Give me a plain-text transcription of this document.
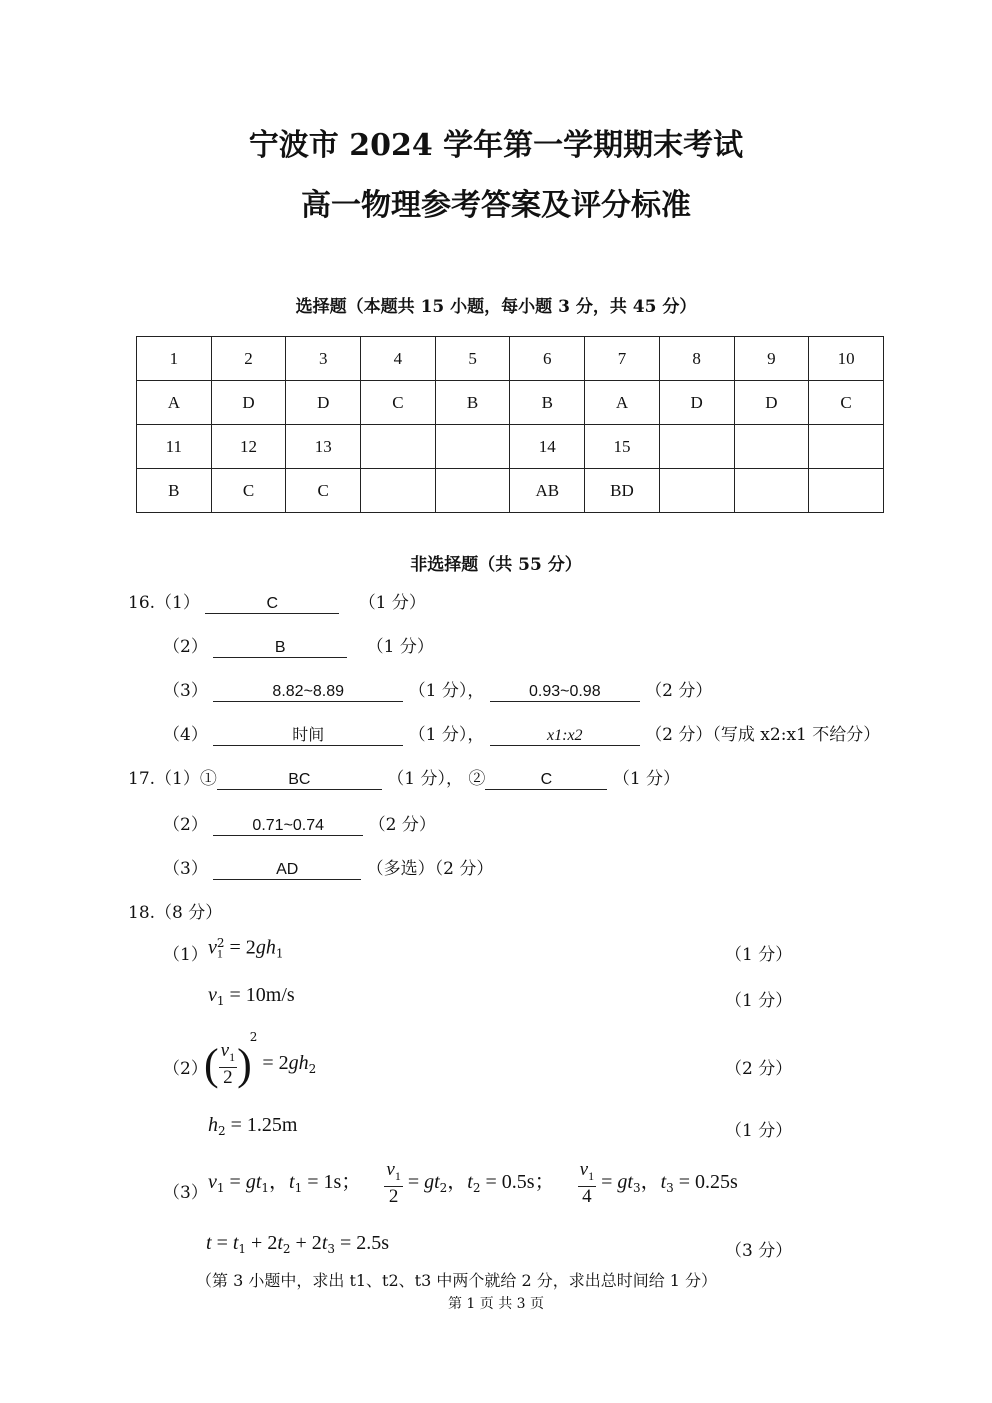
宁波市 2024 学年第一学期期末考试
高一物理参考答案及评分标准
选择题（本题共 15 小题，每小题 3 分，共 45 分）
1	2	3	4	5	6	7	8	9	10
A	D	D	C	B	B	A	D	D	C
11	12	13			14	15			
B	C	C			AB	BD			
非选择题（共 55 分）
16.（1）	C	（1 分）
（2）	B	（1 分）
（3）	8.82~8.89	（1 分），	0.93~0.98	（2 分）
（4）	时间	（1 分），	x1:x2	（2 分）（写成 x2:x1 不给分）
17.（1）①	BC	（1 分）， ②	C	（1 分）
（2）	0.71~0.74	（2 分）
（3）	AD	（多选）（2 分）
18.（8 分）
（1） $v_1^2 = 2gh_1$	（1 分）
$v_1 = 10m/s$	（1 分）
（2）
( $\frac{v_1}{2} )^2 = 2gh_2$	（2 分）
$h_2 = 1.25m$	（1 分）
（3）
$v_1 = gt_1$，$t_1 = 1s$； $\frac{v_1}{2} = gt_2$，$t_2 = 0.5s$； $\frac{v_1}{4} = gt_3$，$t_3 = 0.25s$
$t = t_1 + 2t_2 + 2t_3 = 2.5s$	（3 分）
（第 3 小题中，求出 t1、t2、t3 中两个就给 2 分，求出总时间给 1 分）
第 1 页 共 3 页
